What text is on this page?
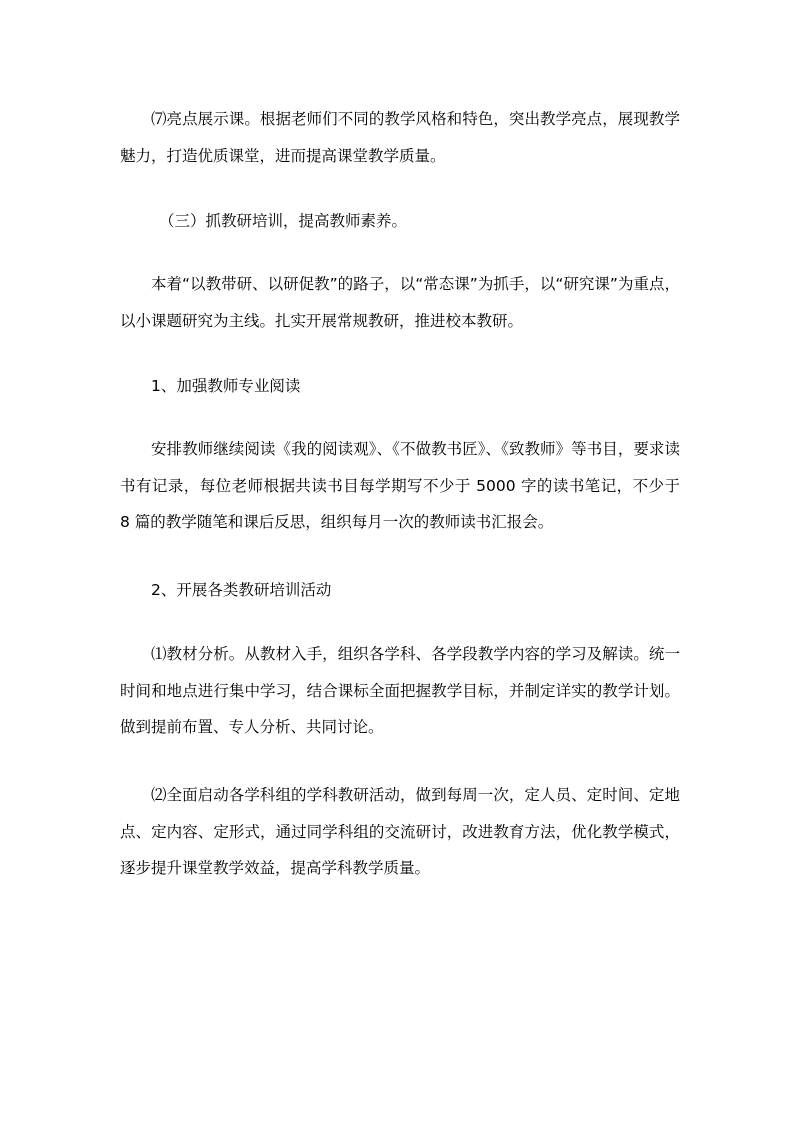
⑺亮点展示课。根据老师们不同的教学风格和特色，突出教学亮点，展现教学魅力，打造优质课堂，进而提高课堂教学质量。

（三）抓教研培训，提高教师素养。

本着“以教带研、以研促教”的路子，以“常态课”为抓手，以“研究课”为重点，以小课题研究为主线。扎实开展常规教研，推进校本教研。

1、加强教师专业阅读

安排教师继续阅读《我的阅读观》、《不做教书匠》、《致教师》等书目，要求读书有记录，每位老师根据共读书目每学期写不少于 5000 字的读书笔记，不少于 8 篇的教学随笔和课后反思，组织每月一次的教师读书汇报会。

2、开展各类教研培训活动

⑴教材分析。从教材入手，组织各学科、各学段教学内容的学习及解读。统一时间和地点进行集中学习，结合课标全面把握教学目标，并制定详实的教学计划。做到提前布置、专人分析、共同讨论。

⑵全面启动各学科组的学科教研活动，做到每周一次，定人员、定时间、定地点、定内容、定形式，通过同学科组的交流研讨，改进教育方法，优化教学模式，逐步提升课堂教学效益，提高学科教学质量。
